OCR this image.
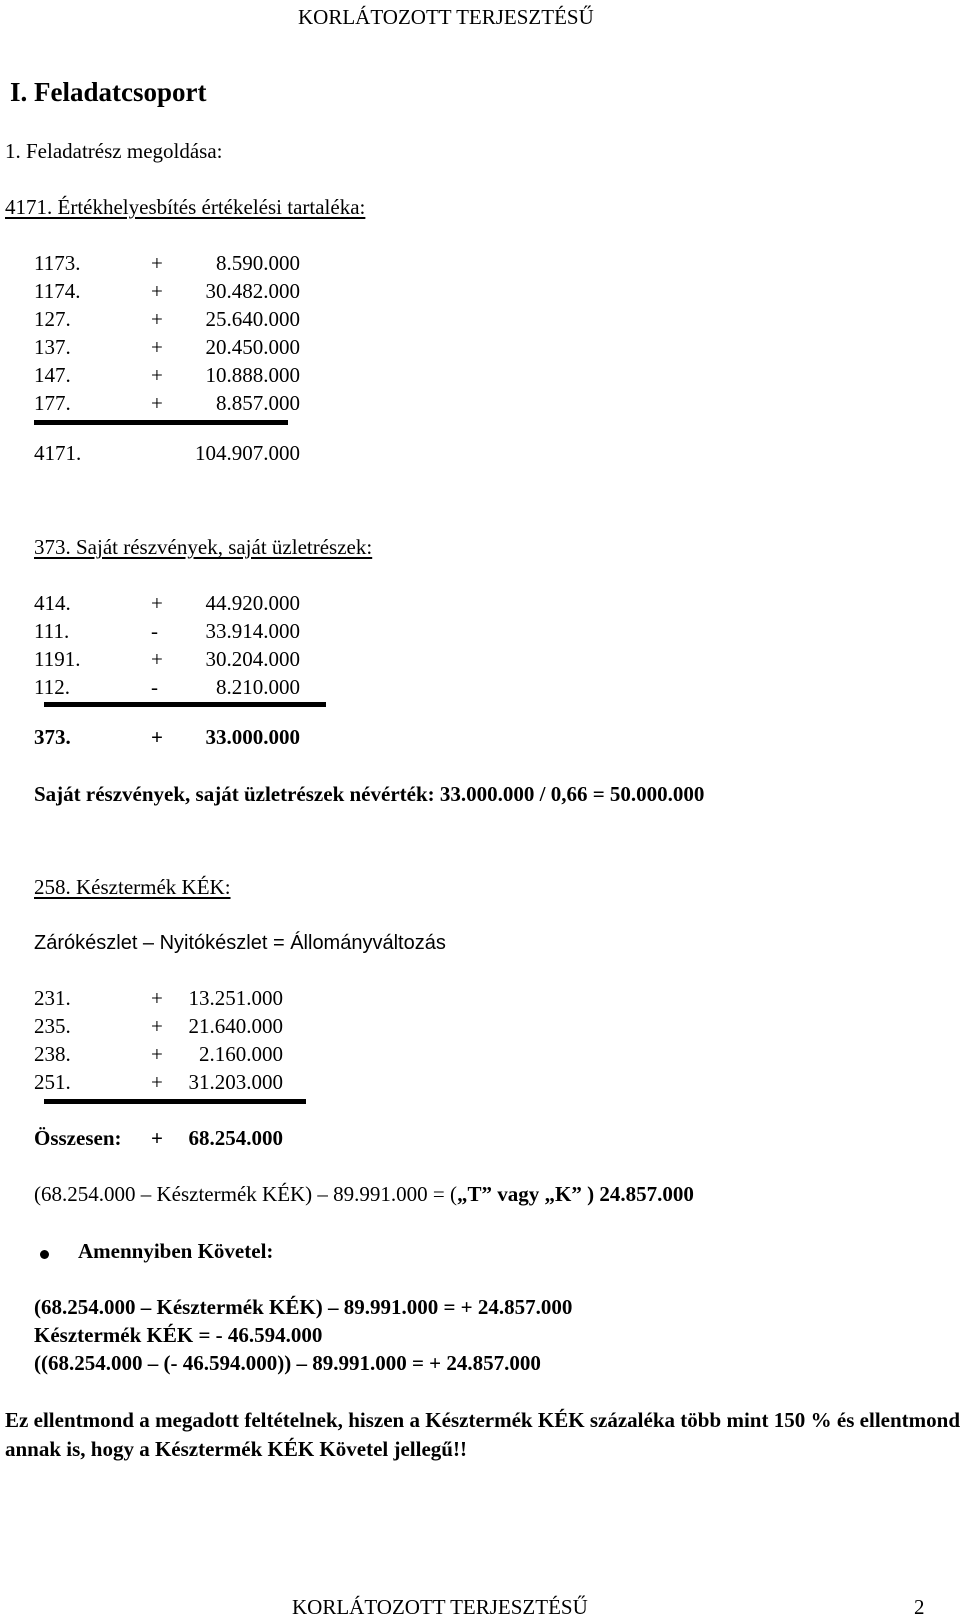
KORLÁTOZOTT TERJESZTÉSŰ
I. Feladatcsoport
1. Feladatrész megoldása:
4171. Értékhelyesbítés értékelési tartaléka:
1173.	+	8.590.000
1174.	+	30.482.000
127.	+	25.640.000
137.	+	20.450.000
147.	+	10.888.000
177.	+	8.857.000
4171.	104.907.000
373. Saját részvények, saját üzletrészek:
414.	+	44.920.000
111.	-	33.914.000
1191.	+	30.204.000
112.	-	8.210.000
373.	+	33.000.000
Saját részvények, saját üzletrészek névérték: 33.000.000 / 0,66 = 50.000.000
258. Késztermék KÉK:
Zárókészlet – Nyitókészlet = Állományváltozás
231.	+	13.251.000
235.	+	21.640.000
238.	+	2.160.000
251.	+	31.203.000
Összesen: +	68.254.000
(68.254.000 – Késztermék KÉK) – 89.991.000 = („T” vagy „K” ) 24.857.000
Amennyiben Követel:
(68.254.000 – Késztermék KÉK) – 89.991.000 = + 24.857.000
Késztermék KÉK = - 46.594.000
((68.254.000 – (- 46.594.000)) – 89.991.000 = + 24.857.000
Ez ellentmond a megadott feltételnek, hiszen a Késztermék KÉK százaléka több mint 150 % és ellentmond annak is, hogy a Késztermék KÉK Követel jellegű!!
KORLÁTOZOTT TERJESZTÉSŰ	2
